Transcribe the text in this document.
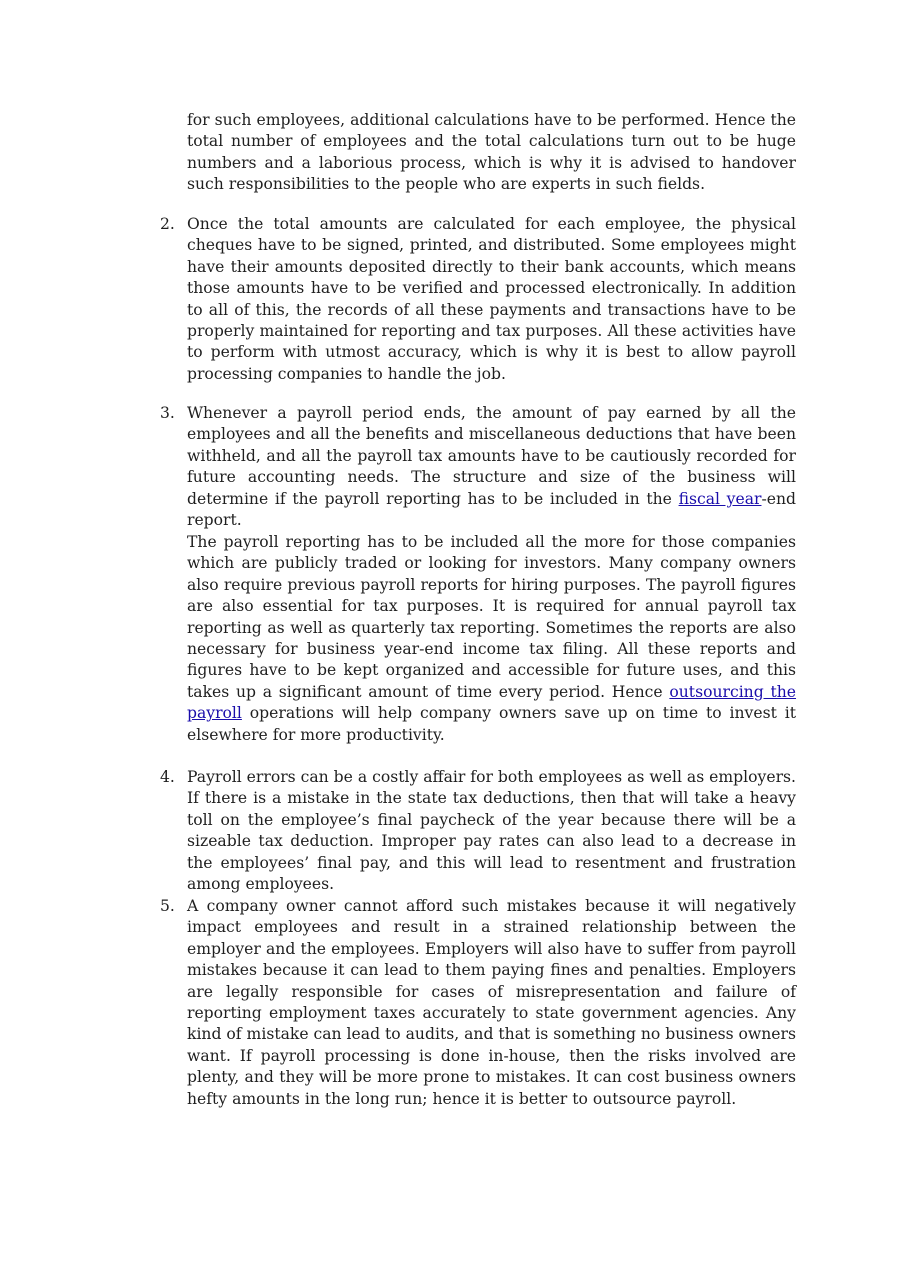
for such employees, additional calculations have to be performed. Hence the total number of employees and the total calculations turn out to be huge numbers and a laborious process, which is why it is advised to handover such responsibilities to the people who are experts in such fields.

2. Once the total amounts are calculated for each employee, the physical cheques have to be signed, printed, and distributed. Some employees might have their amounts deposited directly to their bank accounts, which means those amounts have to be verified and processed electronically. In addition to all of this, the records of all these payments and transactions have to be properly maintained for reporting and tax purposes. All these activities have to perform with utmost accuracy, which is why it is best to allow payroll processing companies to handle the job.

3. Whenever a payroll period ends, the amount of pay earned by all the employees and all the benefits and miscellaneous deductions that have been withheld, and all the payroll tax amounts have to be cautiously recorded for future accounting needs. The structure and size of the business will determine if the payroll reporting has to be included in the fiscal year-end report.

The payroll reporting has to be included all the more for those companies which are publicly traded or looking for investors. Many company owners also require previous payroll reports for hiring purposes. The payroll figures are also essential for tax purposes. It is required for annual payroll tax reporting as well as quarterly tax reporting. Sometimes the reports are also necessary for business year-end income tax filing. All these reports and figures have to be kept organized and accessible for future uses, and this takes up a significant amount of time every period. Hence outsourcing the payroll operations will help company owners save up on time to invest it elsewhere for more productivity.

4. Payroll errors can be a costly affair for both employees as well as employers. If there is a mistake in the state tax deductions, then that will take a heavy toll on the employee’s final paycheck of the year because there will be a sizeable tax deduction. Improper pay rates can also lead to a decrease in the employees’ final pay, and this will lead to resentment and frustration among employees.

5. A company owner cannot afford such mistakes because it will negatively impact employees and result in a strained relationship between the employer and the employees. Employers will also have to suffer from payroll mistakes because it can lead to them paying fines and penalties. Employers are legally responsible for cases of misrepresentation and failure of reporting employment taxes accurately to state government agencies. Any kind of mistake can lead to audits, and that is something no business owners want. If payroll processing is done in-house, then the risks involved are plenty, and they will be more prone to mistakes. It can cost business owners hefty amounts in the long run; hence it is better to outsource payroll.
